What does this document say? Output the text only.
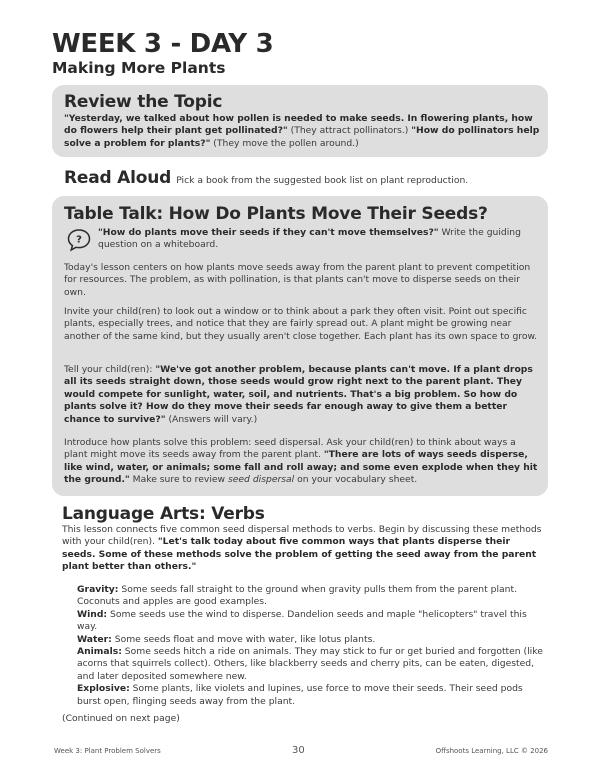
WEEK 3 - DAY 3
Making More Plants
Review the Topic
"Yesterday, we talked about how pollen is needed to make seeds. In flowering plants, how do flowers help their plant get pollinated?" (They attract pollinators.) "How do pollinators help solve a problem for plants?" (They move the pollen around.)
Read Aloud Pick a book from the suggested book list on plant reproduction.
Table Talk: How Do Plants Move Their Seeds?
?
"How do plants move their seeds if they can't move themselves?" Write the guiding question on a whiteboard.
Today's lesson centers on how plants move seeds away from the parent plant to prevent competition for resources. The problem, as with pollination, is that plants can't move to disperse seeds on their own.
Invite your child(ren) to look out a window or to think about a park they often visit. Point out specific plants, especially trees, and notice that they are fairly spread out. A plant might be growing near another of the same kind, but they usually aren't close together. Each plant has its own space to grow.
Tell your child(ren): "We've got another problem, because plants can't move. If a plant drops all its seeds straight down, those seeds would grow right next to the parent plant. They would compete for sunlight, water, soil, and nutrients. That's a big problem. So how do plants solve it? How do they move their seeds far enough away to give them a better chance to survive?" (Answers will vary.)
Introduce how plants solve this problem: seed dispersal. Ask your child(ren) to think about ways a plant might move its seeds away from the parent plant. "There are lots of ways seeds disperse, like wind, water, or animals; some fall and roll away; and some even explode when they hit the ground." Make sure to review seed dispersal on your vocabulary sheet.
Language Arts: Verbs
This lesson connects five common seed dispersal methods to verbs. Begin by discussing these methods with your child(ren). "Let's talk today about five common ways that plants disperse their seeds. Some of these methods solve the problem of getting the seed away from the parent plant better than others."

Gravity: Some seeds fall straight to the ground when gravity pulls them from the parent plant. Coconuts and apples are good examples.

Wind: Some seeds use the wind to disperse. Dandelion seeds and maple "helicopters" travel this way.

Water: Some seeds float and move with water, like lotus plants.

Animals: Some seeds hitch a ride on animals. They may stick to fur or get buried and forgotten (like acorns that squirrels collect). Others, like blackberry seeds and cherry pits, can be eaten, digested, and later deposited somewhere new.

Explosive: Some plants, like violets and lupines, use force to move their seeds. Their seed pods burst open, flinging seeds away from the plant.

(Continued on next page)
Week 3: Plant Problem Solvers	30	Offshoots Learning, LLC © 2026
